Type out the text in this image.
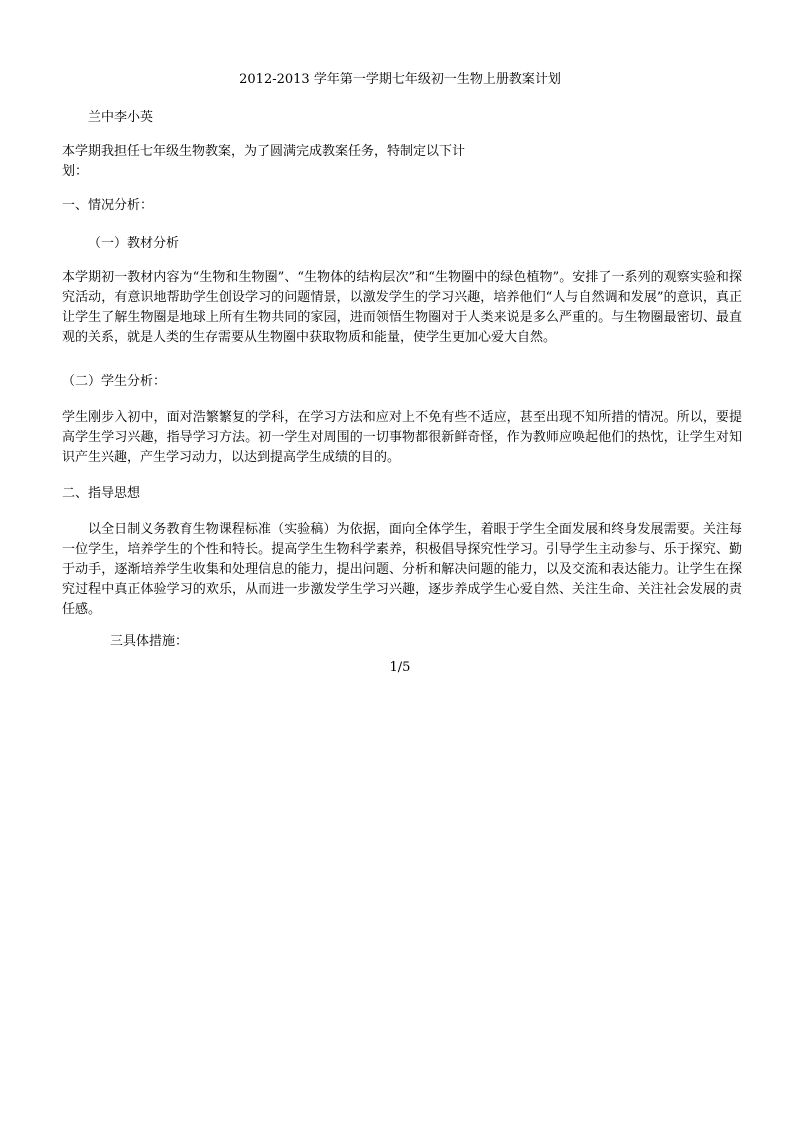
2012-2013 学年第一学期七年级初一生物上册教案计划
兰中李小英
本学期我担任七年级生物教案，为了圆满完成教案任务，特制定以下计
划：
一、情况分析：
（一）教材分析
本学期初一教材内容为“生物和生物圈”、“生物体的结构层次”和“生物圈中的绿色植物”。安排了一系列的观察实验和探究活动，有意识地帮助学生创设学习的问题情景，以激发学生的学习兴趣，培养他们“人与自然调和发展”的意识，真正让学生了解生物圈是地球上所有生物共同的家园，进而领悟生物圈对于人类来说是多么严重的。与生物圈最密切、最直观的关系，就是人类的生存需要从生物圈中获取物质和能量，使学生更加心爱大自然。
（二）学生分析：
学生刚步入初中，面对浩繁繁复的学科，在学习方法和应对上不免有些不适应，甚至出现不知所措的情况。所以，要提高学生学习兴趣，指导学习方法。初一学生对周围的一切事物都很新鲜奇怪，作为教师应唤起他们的热忱，让学生对知识产生兴趣，产生学习动力，以达到提高学生成绩的目的。
二、指导思想
以全日制义务教育生物课程标准（实验稿）为依据，面向全体学生，着眼于学生全面发展和终身发展需要。关注每一位学生，培养学生的个性和特长。提高学生生物科学素养，积极倡导探究性学习。引导学生主动参与、乐于探究、勤于动手，逐渐培养学生收集和处理信息的能力，提出问题、分析和解决问题的能力，以及交流和表达能力。让学生在探究过程中真正体验学习的欢乐，从而进一步激发学生学习兴趣，逐步养成学生心爱自然、关注生命、关注社会发展的责任感。
三具体措施：
1/5
